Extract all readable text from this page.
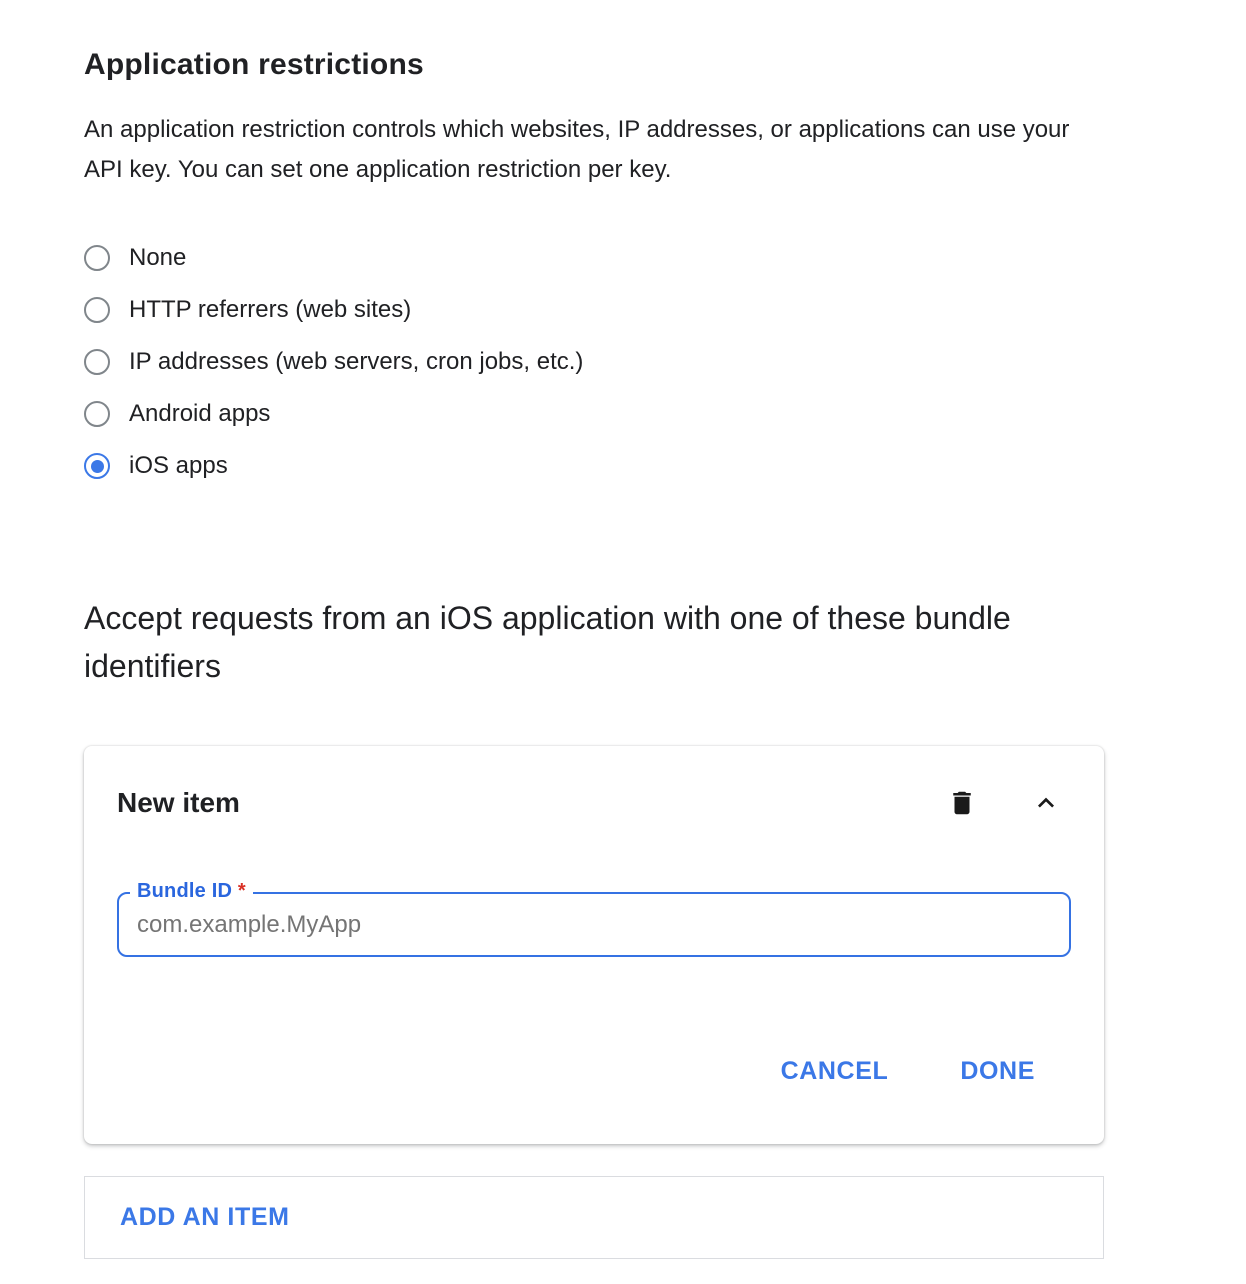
Application restrictions

An application restriction controls which websites, IP addresses, or applications can use your API key. You can set one application restriction per key.

None
HTTP referrers (web sites)
IP addresses (web servers, cron jobs, etc.)
Android apps
iOS apps
Accept requests from an iOS application with one of these bundle identifiers
New item
Bundle ID *
com.example.MyApp
CANCEL	DONE
ADD AN ITEM
